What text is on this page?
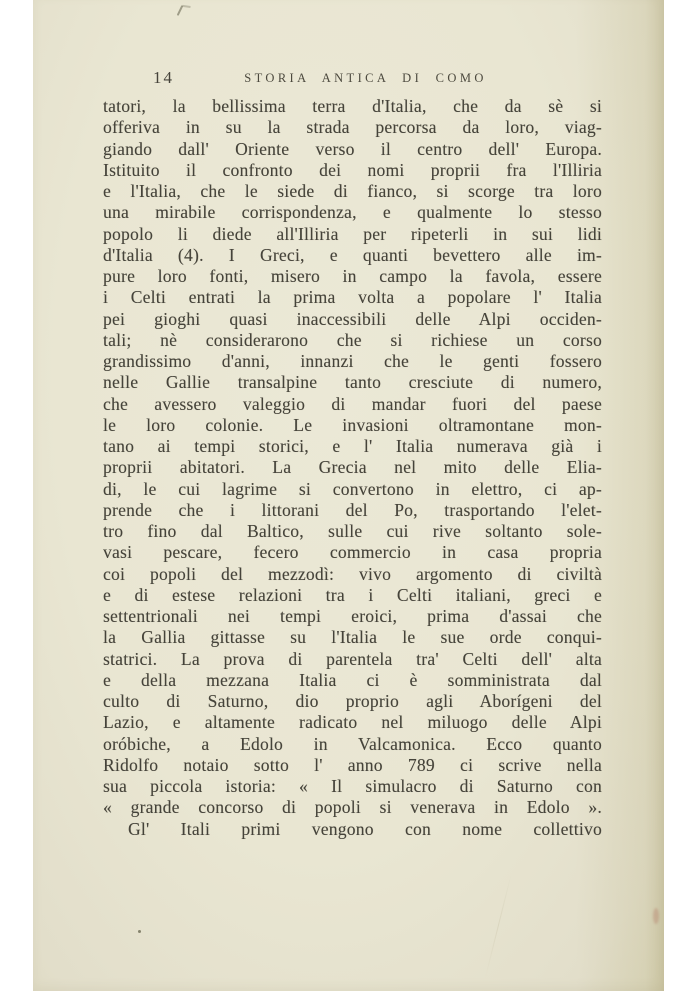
14	STORIA ANTICA DI COMO
tatori, la bellissima terra d'Italia, che da sè si
offeriva in su la strada percorsa da loro, viag-
giando dall' Oriente verso il centro dell' Europa.
Istituito il confronto dei nomi proprii fra l'Illiria
e l'Italia, che le siede di fianco, si scorge tra loro
una mirabile corrispondenza, e qualmente lo stesso
popolo li diede all'Illiria per ripeterli in sui lidi
d'Italia (4). I Greci, e quanti bevettero alle im-
pure loro fonti, misero in campo la favola, essere
i Celti entrati la prima volta a popolare l' Italia
pei gioghi quasi inaccessibili delle Alpi occiden-
tali; nè considerarono che si richiese un corso
grandissimo d'anni, innanzi che le genti fossero
nelle Gallie transalpine tanto cresciute di numero,
che avessero valeggio di mandar fuori del paese
le loro colonie. Le invasioni oltramontane mon-
tano ai tempi storici, e l' Italia numerava già i
proprii abitatori. La Grecia nel mito delle Elia-
di, le cui lagrime si convertono in elettro, ci ap-
prende che i littorani del Po, trasportando l'elet-
tro fino dal Baltico, sulle cui rive soltanto sole-
vasi pescare, fecero commercio in casa propria
coi popoli del mezzodì: vivo argomento di civiltà
e di estese relazioni tra i Celti italiani, greci e
settentrionali nei tempi eroici, prima d'assai che
la Gallia gittasse su l'Italia le sue orde conqui-
statrici. La prova di parentela tra' Celti dell' alta
e della mezzana Italia ci è somministrata dal
culto di Saturno, dio proprio agli Aborígeni del
Lazio, e altamente radicato nel miluogo delle Alpi
oróbiche, a Edolo in Valcamonica. Ecco quanto
Ridolfo notaio sotto l' anno 789 ci scrive nella
sua piccola istoria: « Il simulacro di Saturno con
« grande concorso di popoli si venerava in Edolo ».
Gl' Itali primi vengono con nome collettivo
